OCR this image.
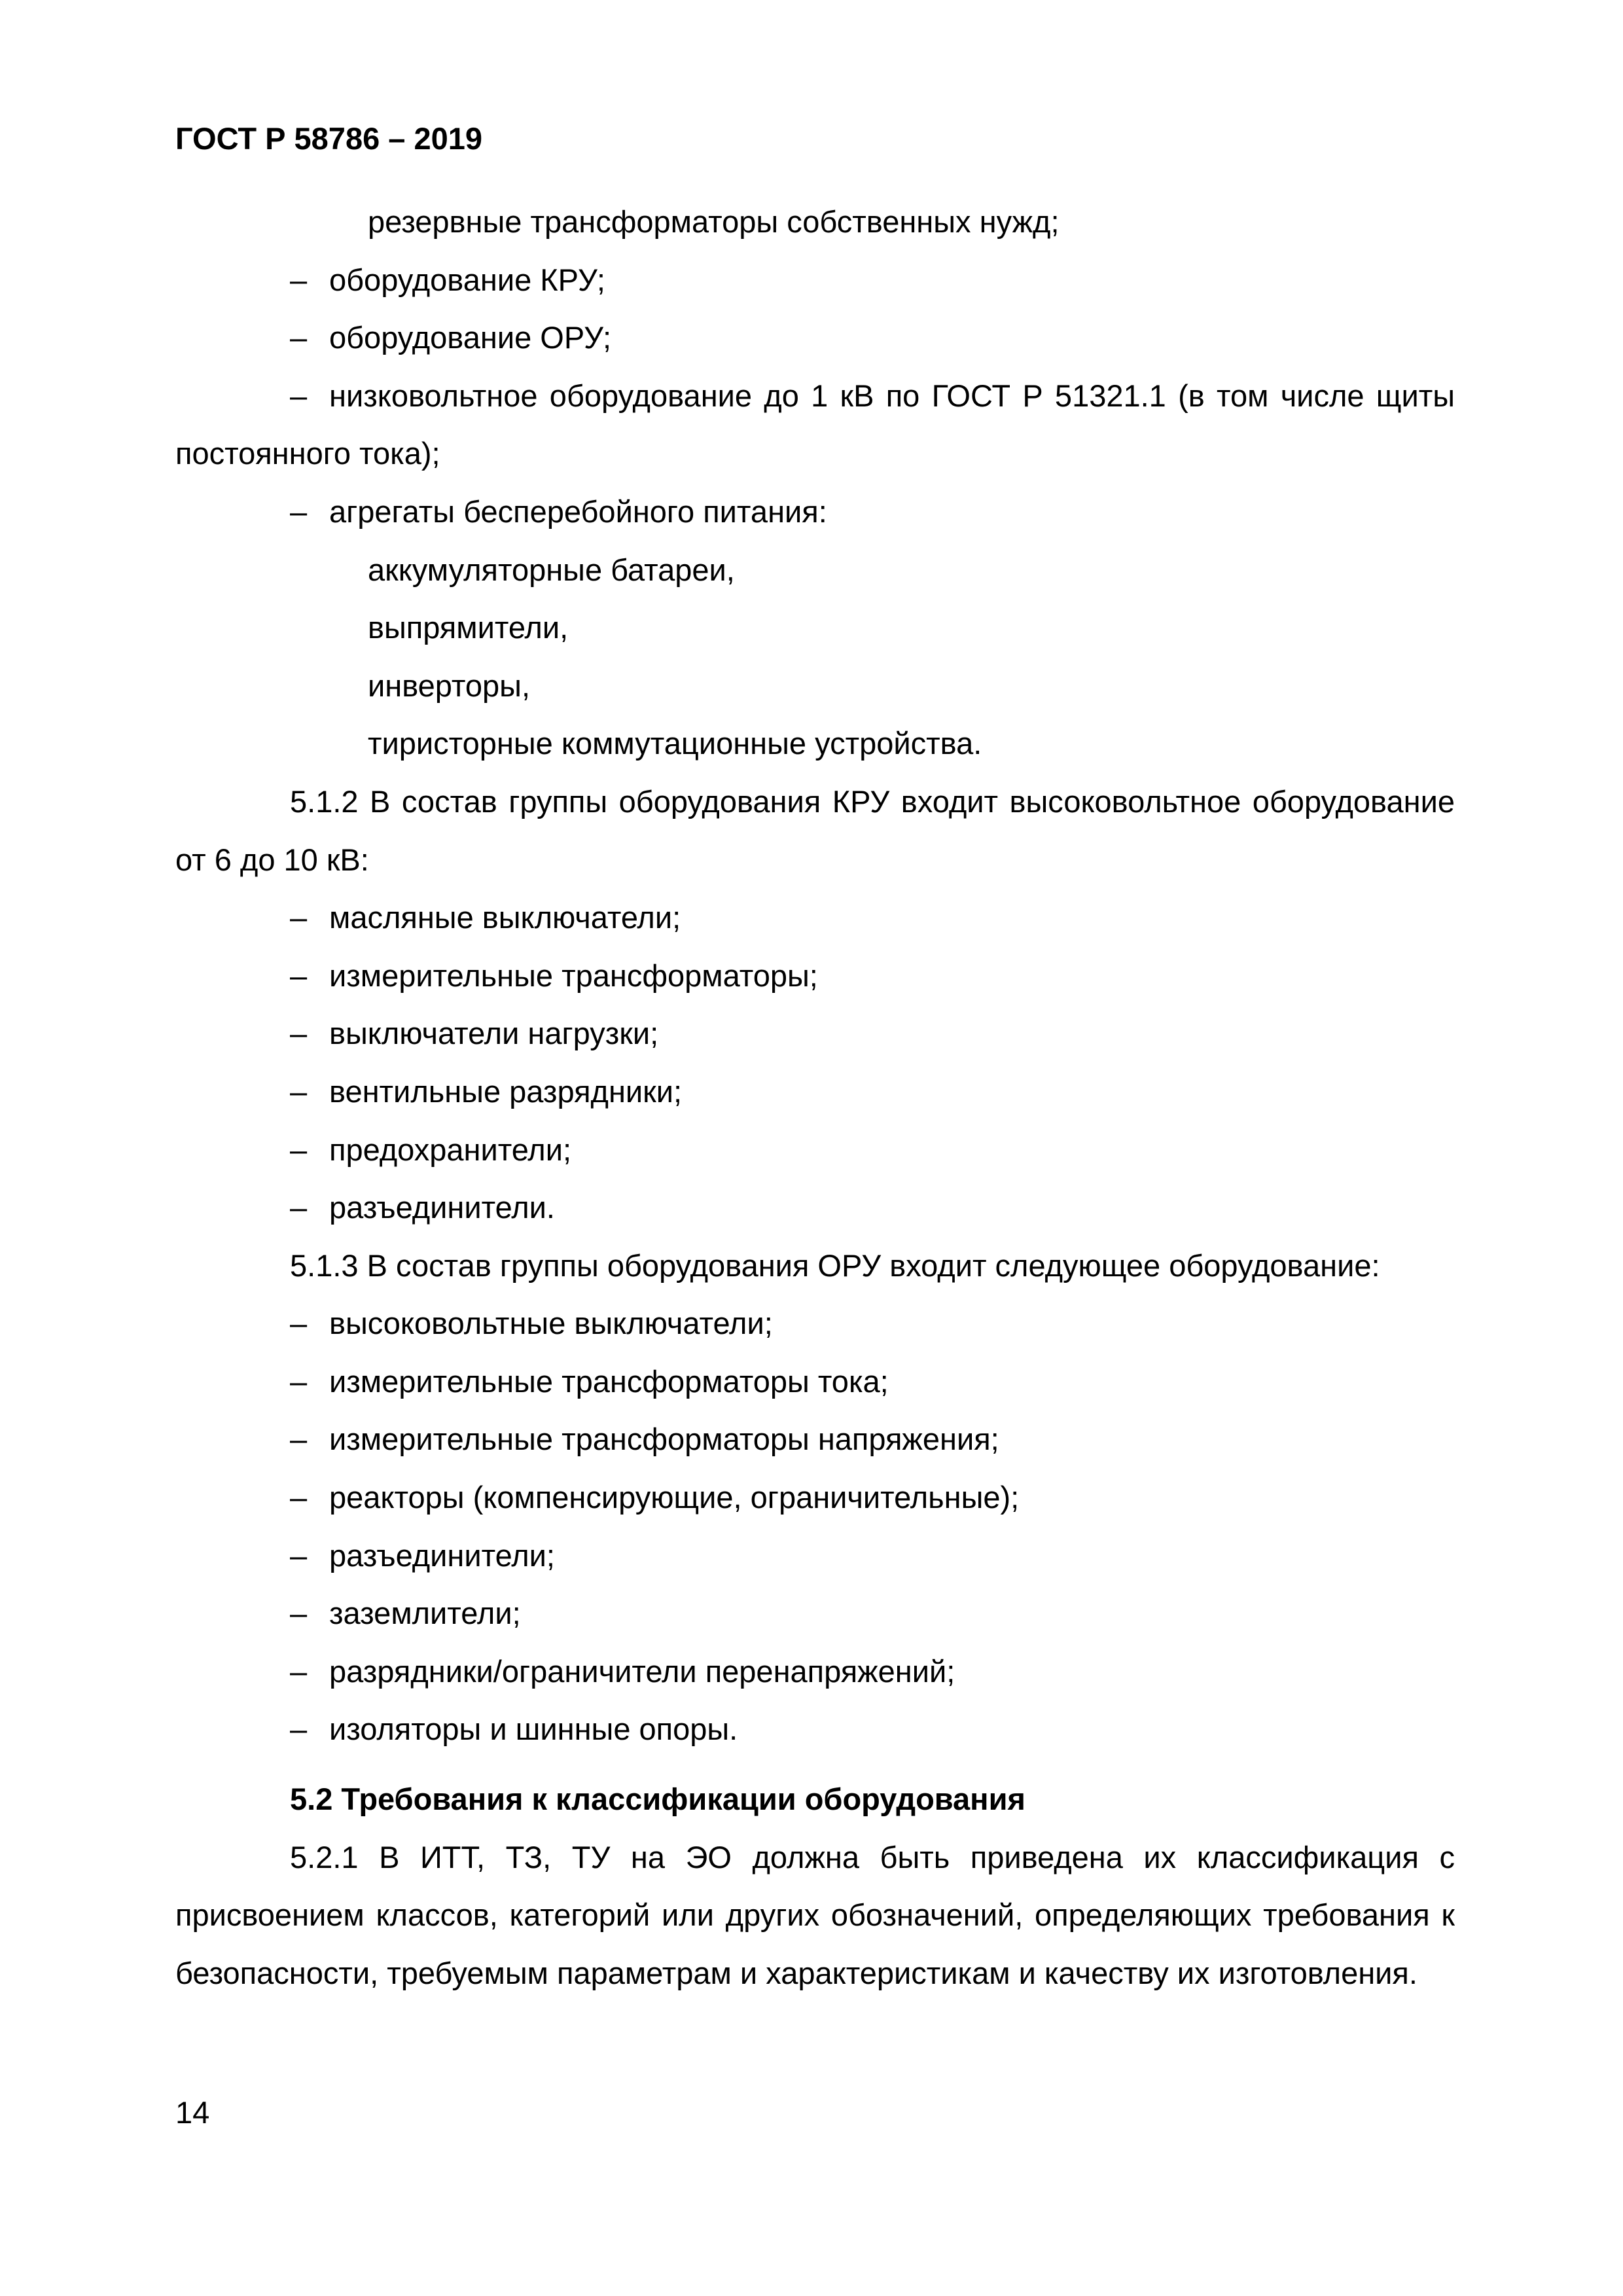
ГОСТ Р 58786 – 2019
резервные трансформаторы собственных нужд;
– оборудование КРУ;
– оборудование ОРУ;
– низковольтное оборудование до 1 кВ по ГОСТ Р 51321.1 (в том числе щиты постоянного тока);
– агрегаты бесперебойного питания:
аккумуляторные батареи,
выпрямители,
инверторы,
тиристорные коммутационные устройства.
5.1.2 В состав группы оборудования КРУ входит высоковольтное оборудование от 6 до 10 кВ:
– масляные выключатели;
– измерительные трансформаторы;
– выключатели нагрузки;
– вентильные разрядники;
– предохранители;
– разъединители.
5.1.3 В состав группы оборудования ОРУ входит следующее оборудование:
– высоковольтные выключатели;
– измерительные трансформаторы тока;
– измерительные трансформаторы напряжения;
– реакторы (компенсирующие, ограничительные);
– разъединители;
– заземлители;
– разрядники/ограничители перенапряжений;
– изоляторы и шинные опоры.
5.2 Требования к классификации оборудования
5.2.1 В ИТТ, ТЗ, ТУ на ЭО должна быть приведена их классификация с присвоением классов, категорий или других обозначений, определяющих требования к безопасности, требуемым параметрам и характеристикам и качеству их изготовления.
14
